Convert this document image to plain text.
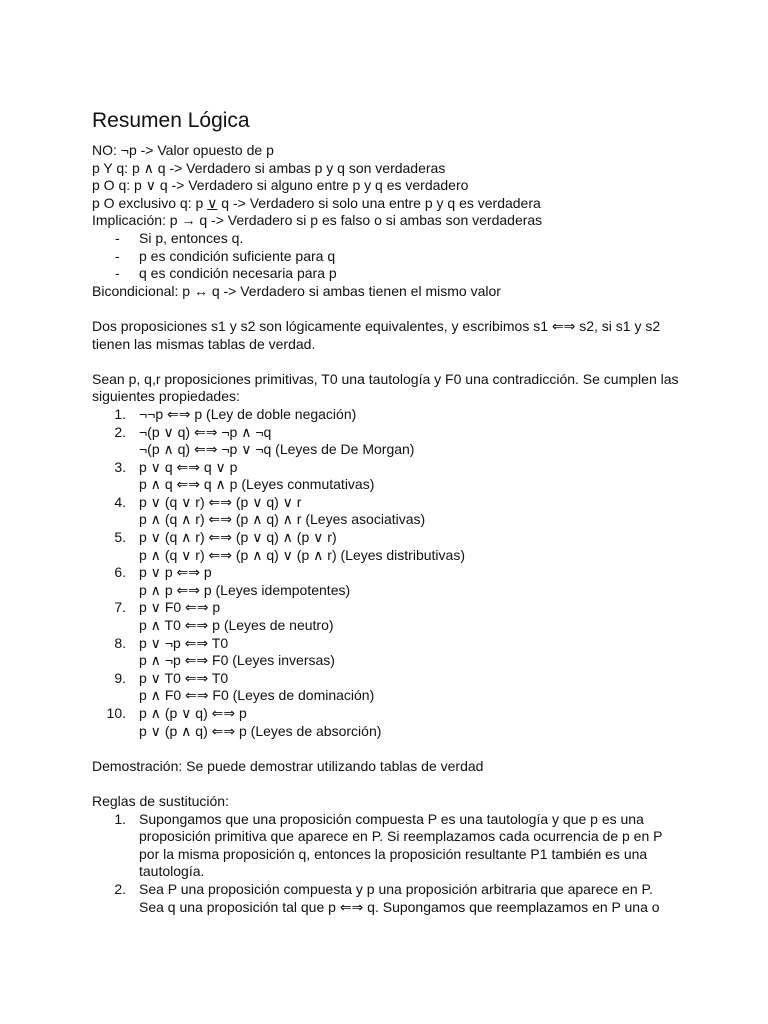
Resumen Lógica
NO: ¬p -> Valor opuesto de p
p Y q: p ∧ q -> Verdadero si ambas p y q son verdaderas
p O q: p ∨ q -> Verdadero si alguno entre p y q es verdadero
p O exclusivo q: p ∨ q -> Verdadero si solo una entre p y q es verdadera
Implicación: p → q -> Verdadero si p es falso o si ambas son verdaderas
- Si p, entonces q.
- p es condición suficiente para q
- q es condición necesaria para p
Bicondicional: p ↔ q -> Verdadero si ambas tienen el mismo valor
Dos proposiciones s1 y s2 son lógicamente equivalentes, y escribimos s1 ⇐⇒ s2, si s1 y s2 tienen las mismas tablas de verdad.
Sean p, q,r proposiciones primitivas, T0 una tautología y F0 una contradicción. Se cumplen las siguientes propiedades:
1. ¬¬p ⇐⇒ p (Ley de doble negación)
2. ¬(p ∨ q) ⇐⇒ ¬p ∧ ¬q
¬(p ∧ q) ⇐⇒ ¬p ∨ ¬q (Leyes de De Morgan)
3. p ∨ q ⇐⇒ q ∨ p
p ∧ q ⇐⇒ q ∧ p (Leyes conmutativas)
4. p ∨ (q ∨ r) ⇐⇒ (p ∨ q) ∨ r
p ∧ (q ∧ r) ⇐⇒ (p ∧ q) ∧ r (Leyes asociativas)
5. p ∨ (q ∧ r) ⇐⇒ (p ∨ q) ∧ (p ∨ r)
p ∧ (q ∨ r) ⇐⇒ (p ∧ q) ∨ (p ∧ r) (Leyes distributivas)
6. p ∨ p ⇐⇒ p
p ∧ p ⇐⇒ p (Leyes idempotentes)
7. p ∨ F0 ⇐⇒ p
p ∧ T0 ⇐⇒ p (Leyes de neutro)
8. p ∨ ¬p ⇐⇒ T0
p ∧ ¬p ⇐⇒ F0 (Leyes inversas)
9. p ∨ T0 ⇐⇒ T0
p ∧ F0 ⇐⇒ F0 (Leyes de dominación)
10. p ∧ (p ∨ q) ⇐⇒ p
p ∨ (p ∧ q) ⇐⇒ p (Leyes de absorción)
Demostración: Se puede demostrar utilizando tablas de verdad
Reglas de sustitución:
1. Supongamos que una proposición compuesta P es una tautología y que p es una
proposición primitiva que aparece en P. Si reemplazamos cada ocurrencia de p en P
por la misma proposición q, entonces la proposición resultante P1 también es una
tautología.
2. Sea P una proposición compuesta y p una proposición arbitraria que aparece en P.
Sea q una proposición tal que p ⇐⇒ q. Supongamos que reemplazamos en P una o
